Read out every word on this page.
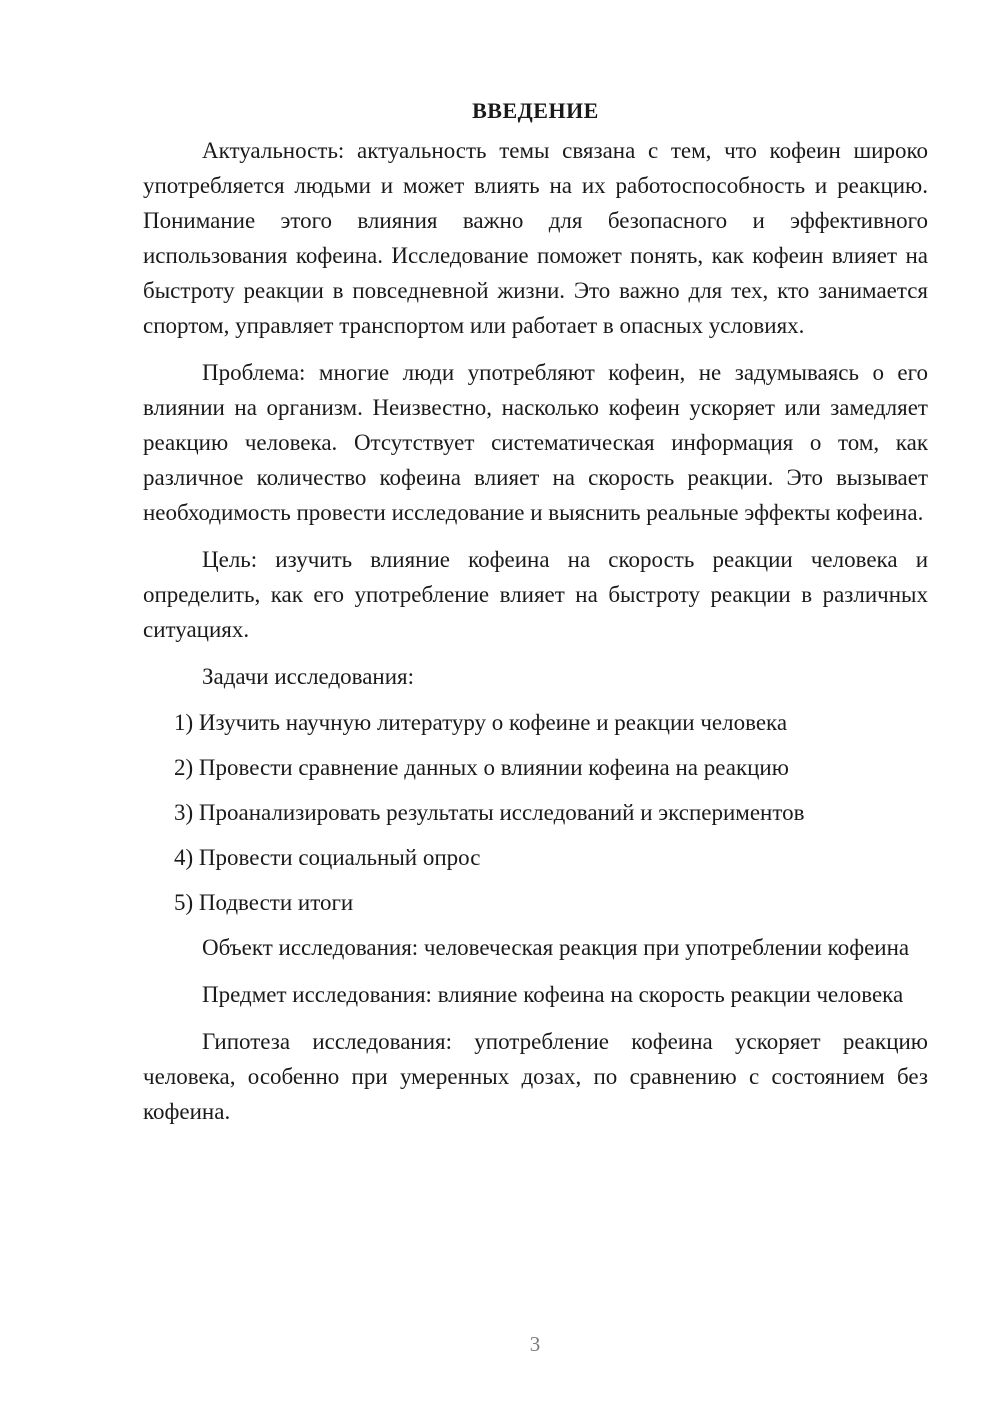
ВВЕДЕНИЕ

Актуальность: актуальность темы связана с тем, что кофеин широко употребляется людьми и может влиять на их работоспособность и реакцию. Понимание этого влияния важно для безопасного и эффективного использования кофеина. Исследование поможет понять, как кофеин влияет на быстроту реакции в повседневной жизни. Это важно для тех, кто занимается спортом, управляет транспортом или работает в опасных условиях.

Проблема: многие люди употребляют кофеин, не задумываясь о его влиянии на организм. Неизвестно, насколько кофеин ускоряет или замедляет реакцию человека. Отсутствует систематическая информация о том, как различное количество кофеина влияет на скорость реакции. Это вызывает необходимость провести исследование и выяснить реальные эффекты кофеина.

Цель: изучить влияние кофеина на скорость реакции человека и определить, как его употребление влияет на быстроту реакции в различных ситуациях.

Задачи исследования:
1) Изучить научную литературу о кофеине и реакции человека
2) Провести сравнение данных о влиянии кофеина на реакцию
3) Проанализировать результаты исследований и экспериментов
4) Провести социальный опрос
5) Подвести итоги

Объект исследования: человеческая реакция при употреблении кофеина

Предмет исследования: влияние кофеина на скорость реакции человека

Гипотеза исследования: употребление кофеина ускоряет реакцию человека, особенно при умеренных дозах, по сравнению с состоянием без кофеина.

3
